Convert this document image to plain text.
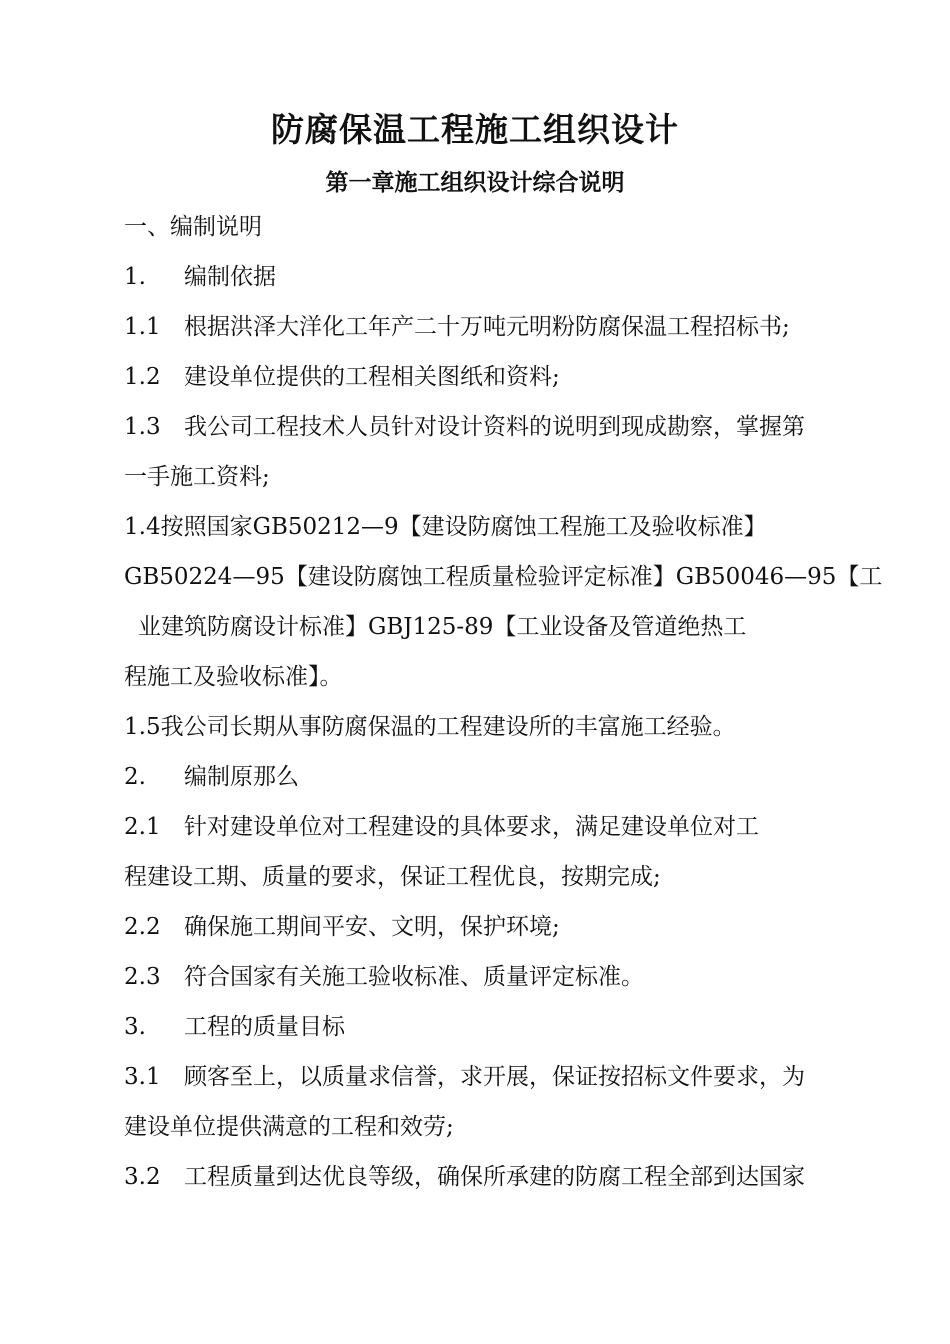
防腐保温工程施工组织设计
第一章施工组织设计综合说明

一、编制说明

1. 编制依据

1.1 根据洪泽大洋化工年产二十万吨元明粉防腐保温工程招标书;

1.2 建设单位提供的工程相关图纸和资料;

1.3 我公司工程技术人员针对设计资料的说明到现成勘察，掌握第

一手施工资料;

1.4按照国家GB50212—9【建设防腐蚀工程施工及验收标准】

GB50224—95【建设防腐蚀工程质量检验评定标准】GB50046—95【工

业建筑防腐设计标准】GBJ125-89【工业设备及管道绝热工

程施工及验收标准】。

1.5我公司长期从事防腐保温的工程建设所的丰富施工经验。

2. 编制原那么

2.1 针对建设单位对工程建设的具体要求，满足建设单位对工

程建设工期、质量的要求，保证工程优良，按期完成;

2.2 确保施工期间平安、文明，保护环境;

2.3 符合国家有关施工验收标准、质量评定标准。

3. 工程的质量目标

3.1 顾客至上，以质量求信誉，求开展，保证按招标文件要求，为

建设单位提供满意的工程和效劳;

3.2 工程质量到达优良等级，确保所承建的防腐工程全部到达国家
